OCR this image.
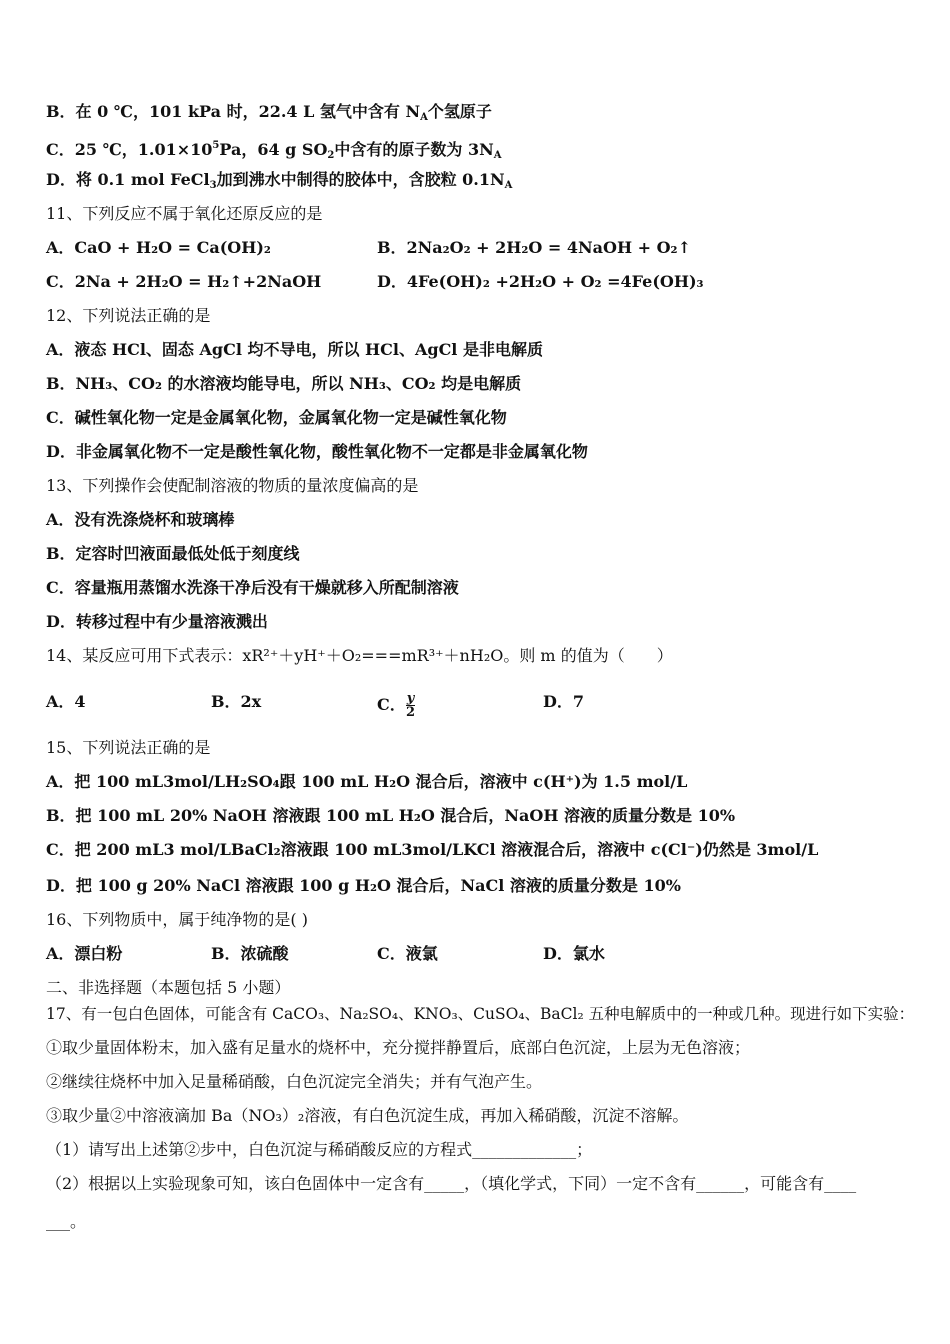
B．在 0 ℃，101 kPa 时，22.4 L 氢气中含有 $N_A$个氢原子
C．25 ℃，$1.01\times 10^5Pa$，64 g $SO_2$中含有的原子数为 $3N_A$
D．将 0.1 mol FeCl$_3$加到沸水中制得的胶体中，含胶粒 $0.1N_A$
11、下列反应不属于氧化还原反应的是
A．CaO + H₂O = Ca(OH)₂	B．2Na₂O₂ + 2H₂O = 4NaOH + O₂↑
C．2Na + 2H₂O = H₂↑+2NaOH	D．4Fe(OH)₂ +2H₂O + O₂ =4Fe(OH)₃
12、下列说法正确的是
A．液态 HCl、固态 AgCl 均不导电，所以 HCl、AgCl 是非电解质
B．NH₃、CO₂ 的水溶液均能导电，所以 NH₃、CO₂ 均是电解质
C．碱性氧化物一定是金属氧化物，金属氧化物一定是碱性氧化物
D．非金属氧化物不一定是酸性氧化物，酸性氧化物不一定都是非金属氧化物
13、下列操作会使配制溶液的物质的量浓度偏高的是
A．没有洗涤烧杯和玻璃棒
B．定容时凹液面最低处低于刻度线
C．容量瓶用蒸馏水洗涤干净后没有干燥就移入所配制溶液
D．转移过程中有少量溶液溅出
14、某反应可用下式表示：xR²⁺＋yH⁺＋O₂===mR³⁺＋nH₂O。则 m 的值为（　　）
A．4	B．2x	C． $\frac{y}{2}$	D．7
15、下列说法正确的是
A．把 100 mL3mol/LH₂SO₄跟 100 mL H₂O 混合后，溶液中 c(H⁺)为 1.5 mol/L
B．把 100 mL 20% NaOH 溶液跟 100 mL H₂O 混合后，NaOH 溶液的质量分数是 10%
C．把 200 mL3 mol/LBaCl₂溶液跟 100 mL3mol/LKCl 溶液混合后，溶液中 c(Cl⁻)仍然是 3mol/L
D．把 100 g 20% NaCl 溶液跟 100 g H₂O 混合后，NaCl 溶液的质量分数是 10%
16、下列物质中，属于纯净物的是( )
A．漂白粉	B．浓硫酸	C．液氯	D．氯水
二、非选择题（本题包括 5 小题）
17、有一包白色固体，可能含有 CaCO₃、Na₂SO₄、KNO₃、CuSO₄、BaCl₂ 五种电解质中的一种或几种。现进行如下实验：
①取少量固体粉末，加入盛有足量水的烧杯中，充分搅拌静置后，底部白色沉淀，上层为无色溶液；
②继续往烧杯中加入足量稀硝酸，白色沉淀完全消失；并有气泡产生。
③取少量②中溶液滴加 Ba（NO₃）₂溶液，有白色沉淀生成，再加入稀硝酸，沉淀不溶解。
（1）请写出上述第②步中，白色沉淀与稀硝酸反应的方程式_____________；
（2）根据以上实验现象可知，该白色固体中一定含有_____，（填化学式，下同）一定不含有______，可能含有____
___。
